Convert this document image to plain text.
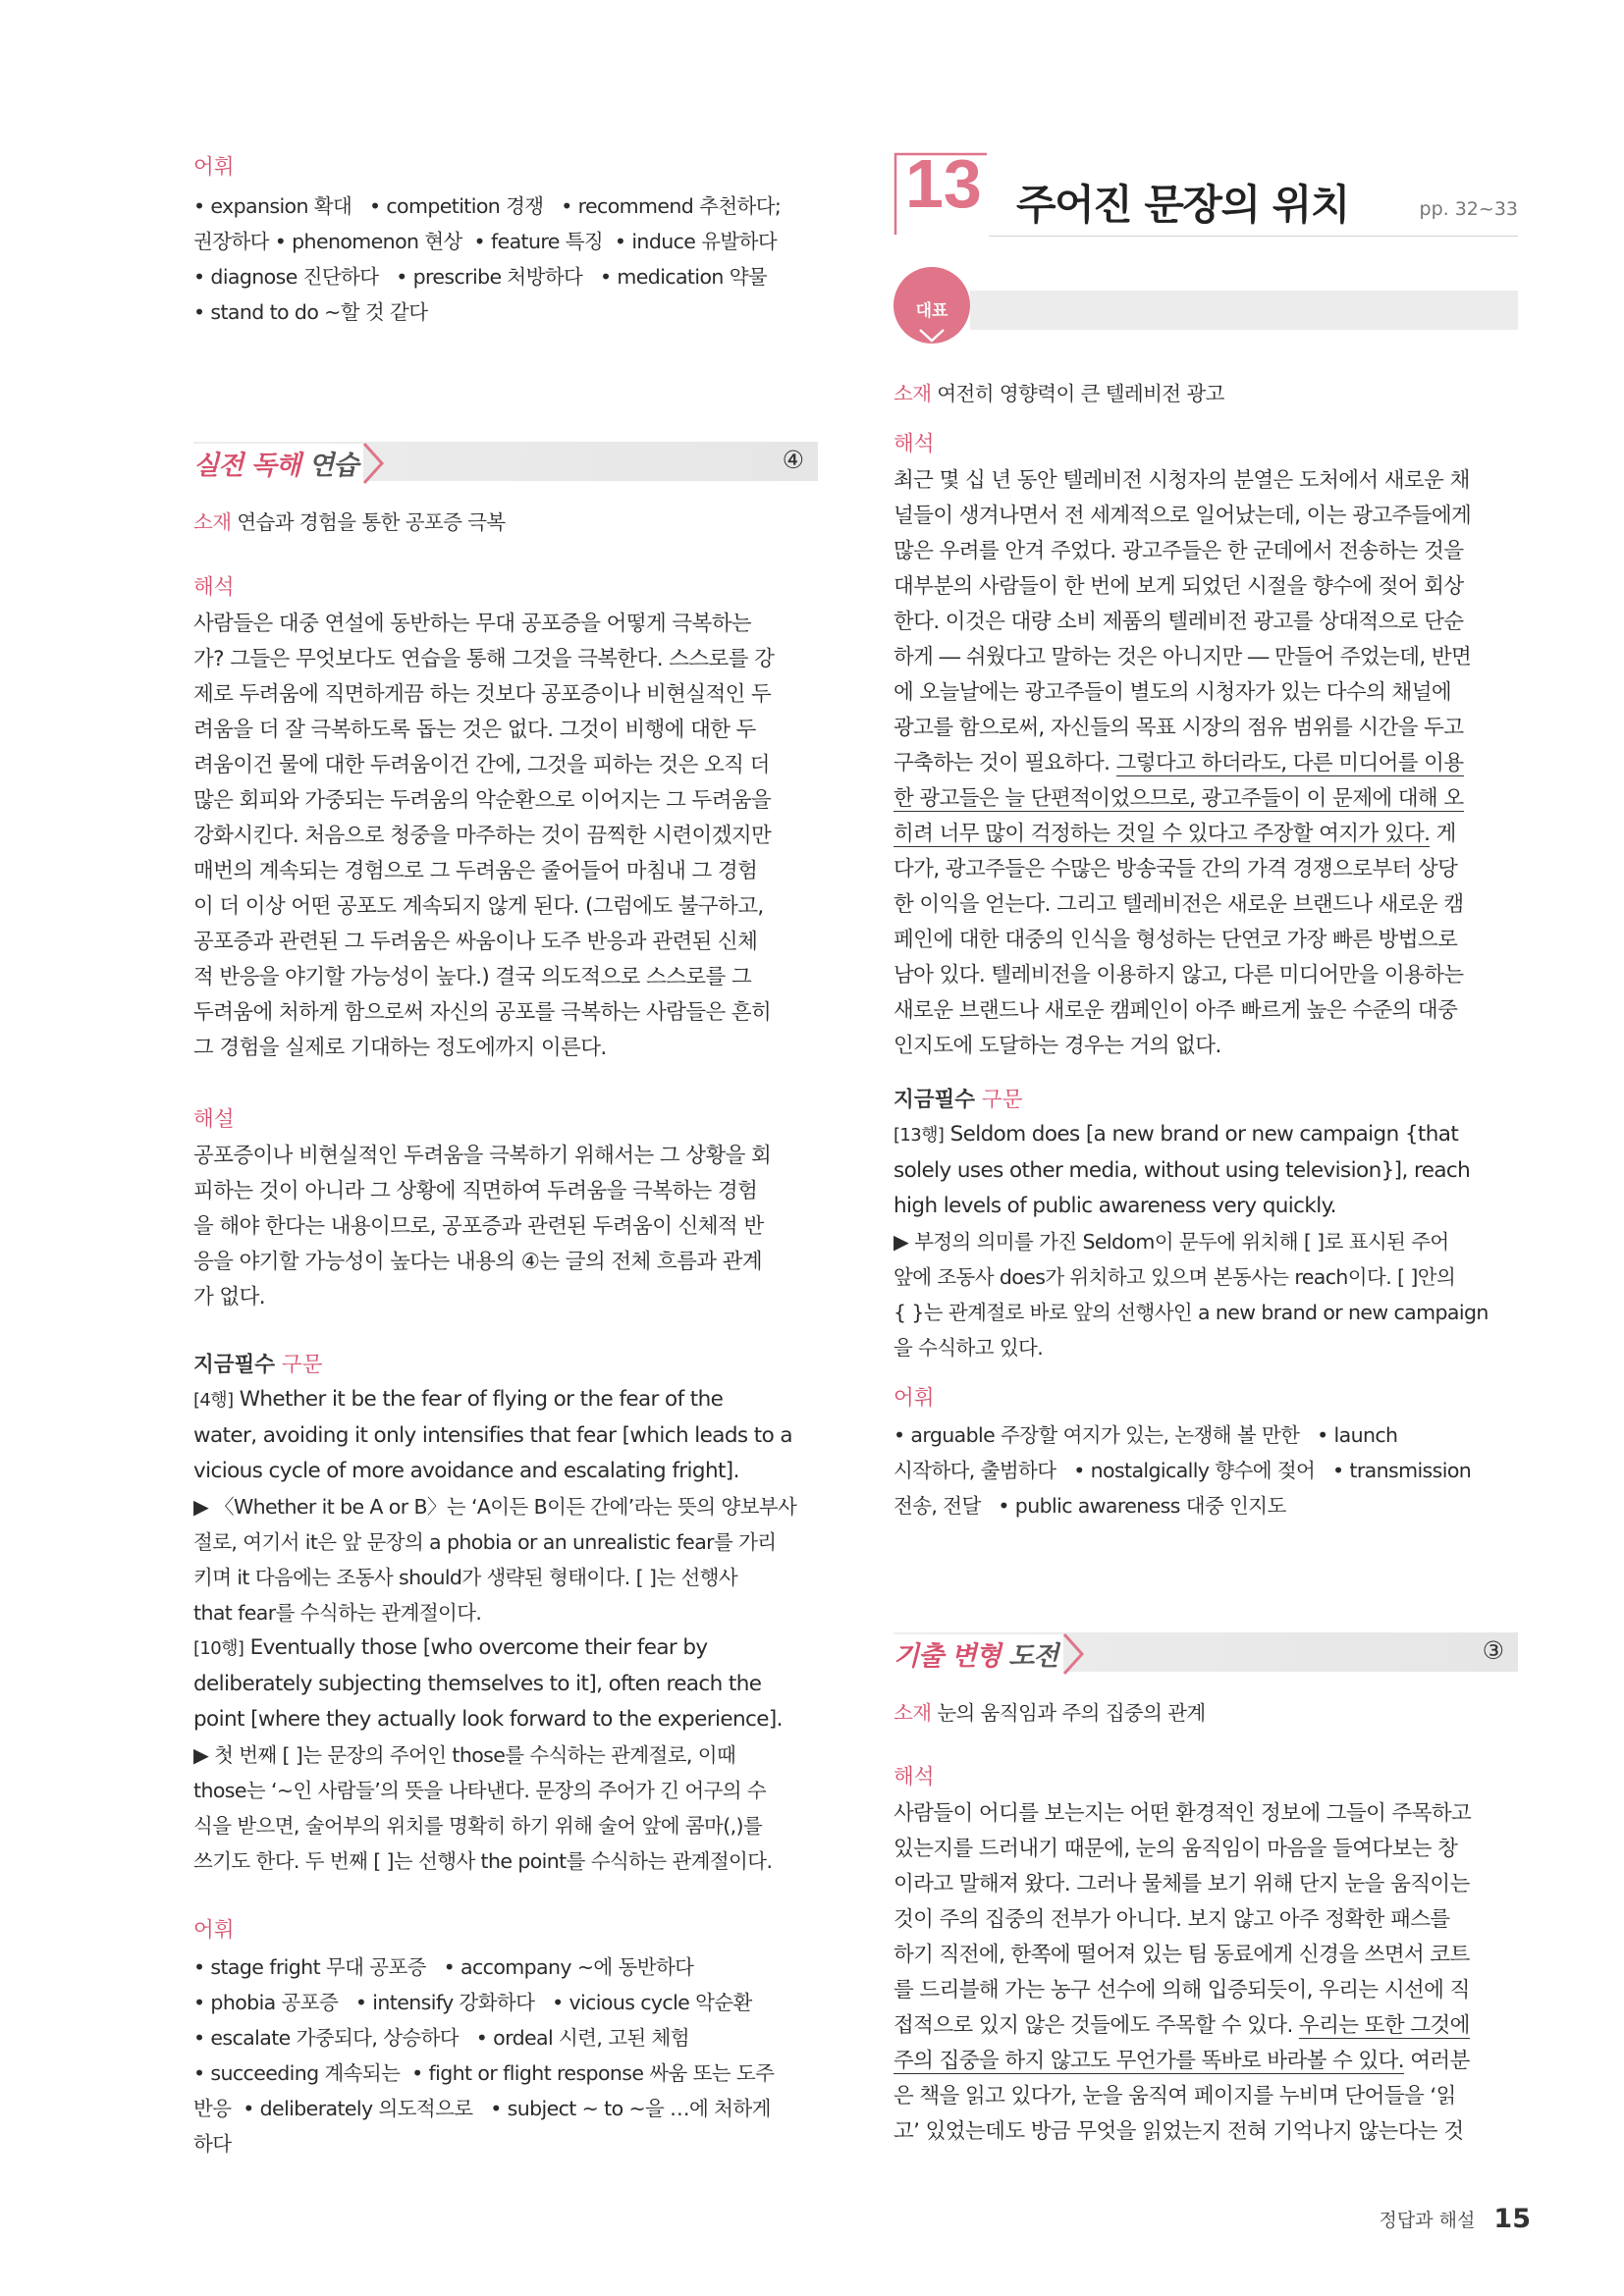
어휘
• expansion 확대   • competition 경쟁   • recommend 추천하다;
권장하다 • phenomenon 현상  • feature 특징  • induce 유발하다
• diagnose 진단하다   • prescribe 처방하다   • medication 약물
• stand to do ~할 것 같다
실전 독해 연습	④
소재 연습과 경험을 통한 공포증 극복
해석
사람들은 대중 연설에 동반하는 무대 공포증을 어떻게 극복하는
가? 그들은 무엇보다도 연습을 통해 그것을 극복한다. 스스로를 강
제로 두려움에 직면하게끔 하는 것보다 공포증이나 비현실적인 두
려움을 더 잘 극복하도록 돕는 것은 없다. 그것이 비행에 대한 두
려움이건 물에 대한 두려움이건 간에, 그것을 피하는 것은 오직 더
많은 회피와 가중되는 두려움의 악순환으로 이어지는 그 두려움을
강화시킨다. 처음으로 청중을 마주하는 것이 끔찍한 시련이겠지만
매번의 계속되는 경험으로 그 두려움은 줄어들어 마침내 그 경험
이 더 이상 어떤 공포도 계속되지 않게 된다. (그럼에도 불구하고,
공포증과 관련된 그 두려움은 싸움이나 도주 반응과 관련된 신체
적 반응을 야기할 가능성이 높다.) 결국 의도적으로 스스로를 그
두려움에 처하게 함으로써 자신의 공포를 극복하는 사람들은 흔히
그 경험을 실제로 기대하는 정도에까지 이른다.
해설
공포증이나 비현실적인 두려움을 극복하기 위해서는 그 상황을 회
피하는 것이 아니라 그 상황에 직면하여 두려움을 극복하는 경험
을 해야 한다는 내용이므로, 공포증과 관련된 두려움이 신체적 반
응을 야기할 가능성이 높다는 내용의 ④는 글의 전체 흐름과 관계
가 없다.
지금필수 구문
[4행] Whether it be the fear of flying or the fear of the
water, avoiding it only intensifies that fear [which leads to a
vicious cycle of more avoidance and escalating fright].
▶ 〈Whether it be A or B〉는 ‘A이든 B이든 간에’라는 뜻의 양보부사
절로, 여기서 it은 앞 문장의 a phobia or an unrealistic fear를 가리
키며 it 다음에는 조동사 should가 생략된 형태이다. [ ]는 선행사
that fear를 수식하는 관계절이다.
[10행] Eventually those [who overcome their fear by
deliberately subjecting themselves to it], often reach the
point [where they actually look forward to the experience].
▶ 첫 번째 [ ]는 문장의 주어인 those를 수식하는 관계절로, 이때
those는 ‘~인 사람들’의 뜻을 나타낸다. 문장의 주어가 긴 어구의 수
식을 받으면, 술어부의 위치를 명확히 하기 위해 술어 앞에 콤마(,)를
쓰기도 한다. 두 번째 [ ]는 선행사 the point를 수식하는 관계절이다.
어휘
• stage fright 무대 공포증   • accompany ~에 동반하다
• phobia 공포증   • intensify 강화하다   • vicious cycle 악순환
• escalate 가중되다, 상승하다   • ordeal 시련, 고된 체험
• succeeding 계속되는  • fight or flight response 싸움 또는 도주
반응  • deliberately 의도적으로   • subject ~ to ~을 …에 처하게
하다
13 주어진 문장의 위치	pp. 32~33
대표

기출
소재 여전히 영향력이 큰 텔레비전 광고
해석
최근 몇 십 년 동안 텔레비전 시청자의 분열은 도처에서 새로운 채
널들이 생겨나면서 전 세계적으로 일어났는데, 이는 광고주들에게
많은 우려를 안겨 주었다. 광고주들은 한 군데에서 전송하는 것을
대부분의 사람들이 한 번에 보게 되었던 시절을 향수에 젖어 회상
한다. 이것은 대량 소비 제품의 텔레비전 광고를 상대적으로 단순
하게 ― 쉬웠다고 말하는 것은 아니지만 ― 만들어 주었는데, 반면
에 오늘날에는 광고주들이 별도의 시청자가 있는 다수의 채널에
광고를 함으로써, 자신들의 목표 시장의 점유 범위를 시간을 두고
구축하는 것이 필요하다. 그렇다고 하더라도, 다른 미디어를 이용
한 광고들은 늘 단편적이었으므로, 광고주들이 이 문제에 대해 오
히려 너무 많이 걱정하는 것일 수 있다고 주장할 여지가 있다. 게
다가, 광고주들은 수많은 방송국들 간의 가격 경쟁으로부터 상당
한 이익을 얻는다. 그리고 텔레비전은 새로운 브랜드나 새로운 캠
페인에 대한 대중의 인식을 형성하는 단연코 가장 빠른 방법으로
남아 있다. 텔레비전을 이용하지 않고, 다른 미디어만을 이용하는
새로운 브랜드나 새로운 캠페인이 아주 빠르게 높은 수준의 대중
인지도에 도달하는 경우는 거의 없다.
지금필수 구문
[13행] Seldom does [a new brand or new campaign {that
solely uses other media, without using television}], reach
high levels of public awareness very quickly.
▶ 부정의 의미를 가진 Seldom이 문두에 위치해 [ ]로 표시된 주어
앞에 조동사 does가 위치하고 있으며 본동사는 reach이다. [ ]안의
{ }는 관계절로 바로 앞의 선행사인 a new brand or new campaign
을 수식하고 있다.
어휘
• arguable 주장할 여지가 있는, 논쟁해 볼 만한   • launch
시작하다, 출범하다   • nostalgically 향수에 젖어   • transmission
전송, 전달   • public awareness 대중 인지도
기출 변형 도전	③
소재 눈의 움직임과 주의 집중의 관계
해석
사람들이 어디를 보는지는 어떤 환경적인 정보에 그들이 주목하고
있는지를 드러내기 때문에, 눈의 움직임이 마음을 들여다보는 창
이라고 말해져 왔다. 그러나 물체를 보기 위해 단지 눈을 움직이는
것이 주의 집중의 전부가 아니다. 보지 않고 아주 정확한 패스를
하기 직전에, 한쪽에 떨어져 있는 팀 동료에게 신경을 쓰면서 코트
를 드리블해 가는 농구 선수에 의해 입증되듯이, 우리는 시선에 직
접적으로 있지 않은 것들에도 주목할 수 있다. 우리는 또한 그것에
주의 집중을 하지 않고도 무언가를 똑바로 바라볼 수 있다. 여러분
은 책을 읽고 있다가, 눈을 움직여 페이지를 누비며 단어들을 ‘읽
고’ 있었는데도 방금 무엇을 읽었는지 전혀 기억나지 않는다는 것
정답과 해설 15
